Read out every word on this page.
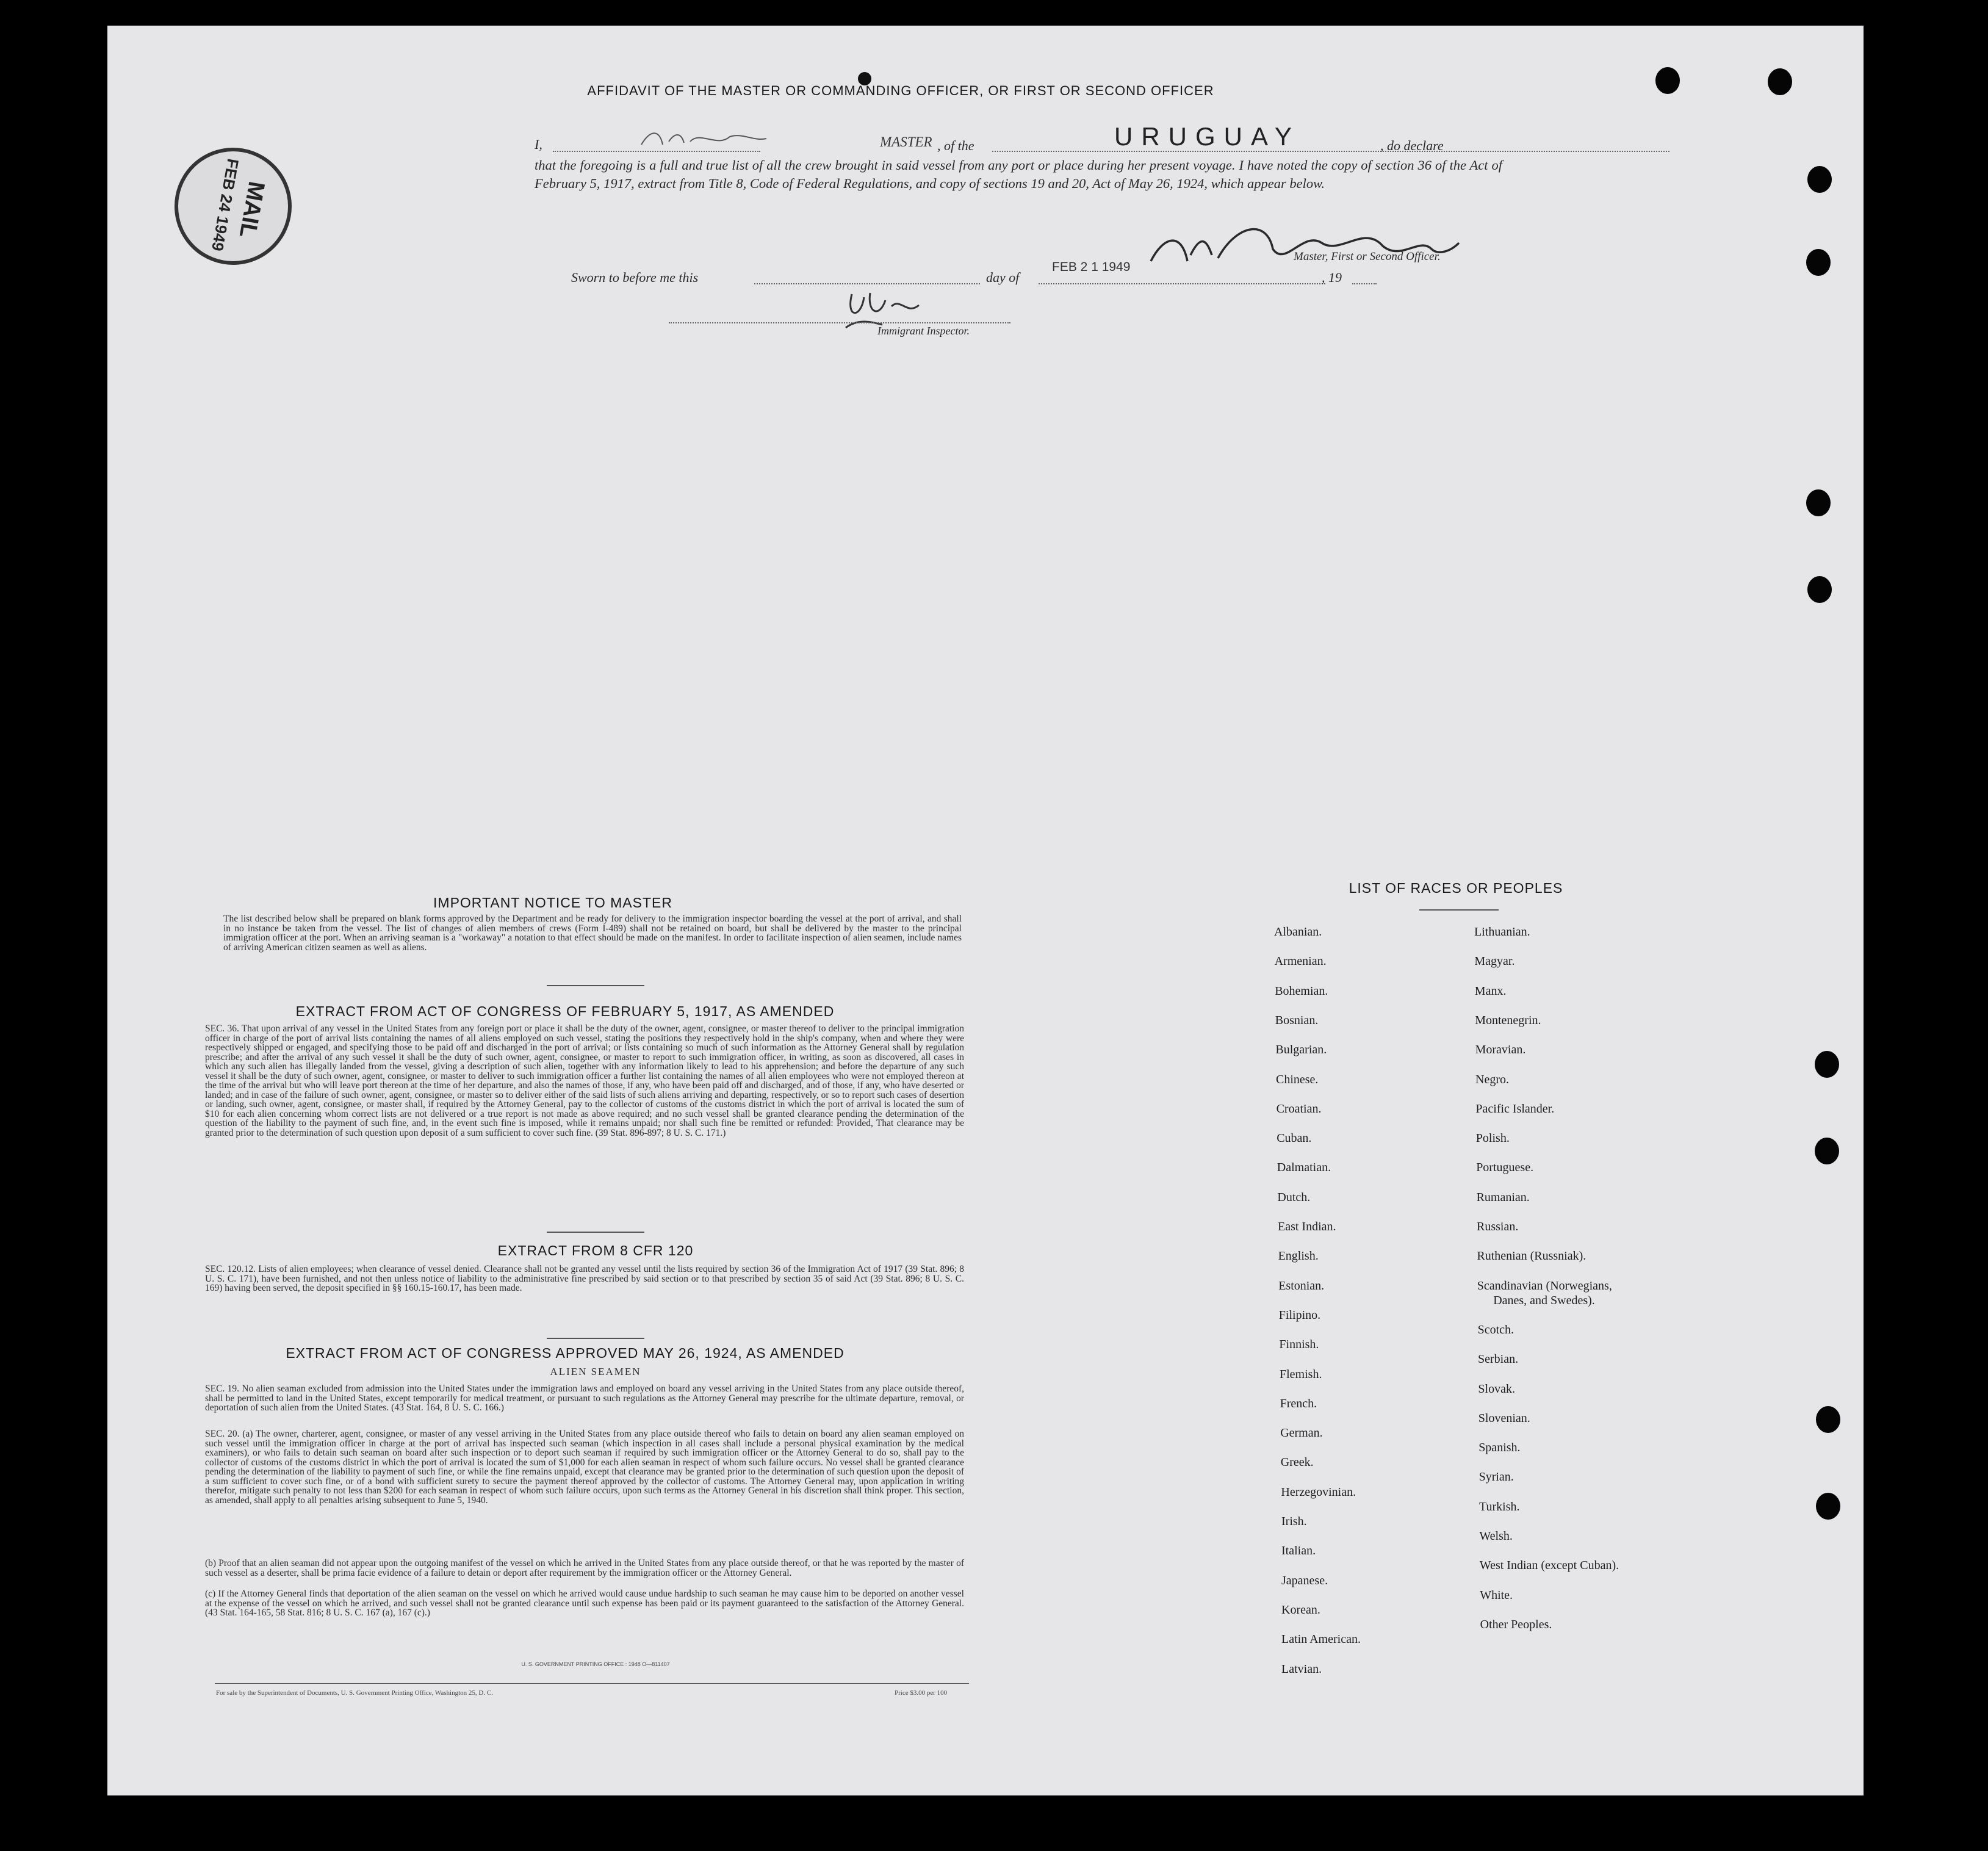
MAIL
FEB 24 1949
AFFIDAVIT OF THE MASTER OR COMMANDING OFFICER, OR FIRST OR SECOND OFFICER
I,	MASTER , of the	URUGUAY	, do declare
that the foregoing is a full and true list of all the crew brought in said vessel from any port or place during her present voyage. I have noted the copy of section 36 of the Act of February 5, 1917, extract from Title 8, Code of Federal Regulations, and copy of sections 19 and 20, Act of May 26, 1924, which appear below.
Master, First or Second Officer.
Sworn to before me this	day of
FEB 2 1 1949
, 19
Immigrant Inspector.
IMPORTANT NOTICE TO MASTER
The list described below shall be prepared on blank forms approved by the Department and be ready for delivery to the immigration inspector boarding the vessel at the port of arrival, and shall in no instance be taken from the vessel. The list of changes of alien members of crews (Form I-489) shall not be retained on board, but shall be delivered by the master to the principal immigration officer at the port. When an arriving seaman is a "workaway" a notation to that effect should be made on the manifest. In order to facilitate inspection of alien seamen, include names of arriving American citizen seamen as well as aliens.
EXTRACT FROM ACT OF CONGRESS OF FEBRUARY 5, 1917, AS AMENDED
SEC. 36. That upon arrival of any vessel in the United States from any foreign port or place it shall be the duty of the owner, agent, consignee, or master thereof to deliver to the principal immigration officer in charge of the port of arrival lists containing the names of all aliens employed on such vessel, stating the positions they respectively hold in the ship's company, when and where they were respectively shipped or engaged, and specifying those to be paid off and discharged in the port of arrival; or lists containing so much of such information as the Attorney General shall by regulation prescribe; and after the arrival of any such vessel it shall be the duty of such owner, agent, consignee, or master to report to such immigration officer, in writing, as soon as discovered, all cases in which any such alien has illegally landed from the vessel, giving a description of such alien, together with any information likely to lead to his apprehension; and before the departure of any such vessel it shall be the duty of such owner, agent, consignee, or master to deliver to such immigration officer a further list containing the names of all alien employees who were not employed thereon at the time of the arrival but who will leave port thereon at the time of her departure, and also the names of those, if any, who have been paid off and discharged, and of those, if any, who have deserted or landed; and in case of the failure of such owner, agent, consignee, or master so to deliver either of the said lists of such aliens arriving and departing, respectively, or so to report such cases of desertion or landing, such owner, agent, consignee, or master shall, if required by the Attorney General, pay to the collector of customs of the customs district in which the port of arrival is located the sum of $10 for each alien concerning whom correct lists are not delivered or a true report is not made as above required; and no such vessel shall be granted clearance pending the determination of the question of the liability to the payment of such fine, and, in the event such fine is imposed, while it remains unpaid; nor shall such fine be remitted or refunded: Provided, That clearance may be granted prior to the determination of such question upon deposit of a sum sufficient to cover such fine. (39 Stat. 896-897; 8 U. S. C. 171.)
EXTRACT FROM 8 CFR 120
SEC. 120.12. Lists of alien employees; when clearance of vessel denied. Clearance shall not be granted any vessel until the lists required by section 36 of the Immigration Act of 1917 (39 Stat. 896; 8 U. S. C. 171), have been furnished, and not then unless notice of liability to the administrative fine prescribed by said section or to that prescribed by section 35 of said Act (39 Stat. 896; 8 U. S. C. 169) having been served, the deposit specified in §§ 160.15-160.17, has been made.
EXTRACT FROM ACT OF CONGRESS APPROVED MAY 26, 1924, AS AMENDED
ALIEN SEAMEN
SEC. 19. No alien seaman excluded from admission into the United States under the immigration laws and employed on board any vessel arriving in the United States from any place outside thereof, shall be permitted to land in the United States, except temporarily for medical treatment, or pursuant to such regulations as the Attorney General may prescribe for the ultimate departure, removal, or deportation of such alien from the United States. (43 Stat. 164, 8 U. S. C. 166.)
SEC. 20. (a) The owner, charterer, agent, consignee, or master of any vessel arriving in the United States from any place outside thereof who fails to detain on board any alien seaman employed on such vessel until the immigration officer in charge at the port of arrival has inspected such seaman (which inspection in all cases shall include a personal physical examination by the medical examiners), or who fails to detain such seaman on board after such inspection or to deport such seaman if required by such immigration officer or the Attorney General to do so, shall pay to the collector of customs of the customs district in which the port of arrival is located the sum of $1,000 for each alien seaman in respect of whom such failure occurs. No vessel shall be granted clearance pending the determination of the liability to payment of such fine, or while the fine remains unpaid, except that clearance may be granted prior to the determination of such question upon the deposit of a sum sufficient to cover such fine, or of a bond with sufficient surety to secure the payment thereof approved by the collector of customs. The Attorney General may, upon application in writing therefor, mitigate such penalty to not less than $200 for each seaman in respect of whom such failure occurs, upon such terms as the Attorney General in his discretion shall think proper. This section, as amended, shall apply to all penalties arising subsequent to June 5, 1940.
(b) Proof that an alien seaman did not appear upon the outgoing manifest of the vessel on which he arrived in the United States from any place outside thereof, or that he was reported by the master of such vessel as a deserter, shall be prima facie evidence of a failure to detain or deport after requirement by the immigration officer or the Attorney General.
(c) If the Attorney General finds that deportation of the alien seaman on the vessel on which he arrived would cause undue hardship to such seaman he may cause him to be deported on another vessel at the expense of the vessel on which he arrived, and such vessel shall not be granted clearance until such expense has been paid or its payment guaranteed to the satisfaction of the Attorney General. (43 Stat. 164-165, 58 Stat. 816; 8 U. S. C. 167 (a), 167 (c).)
U. S. GOVERNMENT PRINTING OFFICE : 1948 O—811407
For sale by the Superintendent of Documents, U. S. Government Printing Office, Washington 25, D. C.	Price $3.00 per 100
LIST OF RACES OR PEOPLES
Albanian.
Armenian.
Bohemian.
Bosnian.
Bulgarian.
Chinese.
Croatian.
Cuban.
Dalmatian.
Dutch.
East Indian.
English.
Estonian.
Filipino.
Finnish.
Flemish.
French.
German.
Greek.
Herzegovinian.
Irish.
Italian.
Japanese.
Korean.
Latin American.
Latvian.
Lithuanian.
Magyar.
Manx.
Montenegrin.
Moravian.
Negro.
Pacific Islander.
Polish.
Portuguese.
Rumanian.
Russian.
Ruthenian (Russniak).
Scandinavian (Norwegians,
Danes, and Swedes).
Scotch.
Serbian.
Slovak.
Slovenian.
Spanish.
Syrian.
Turkish.
Welsh.
West Indian (except Cuban).
White.
Other Peoples.
